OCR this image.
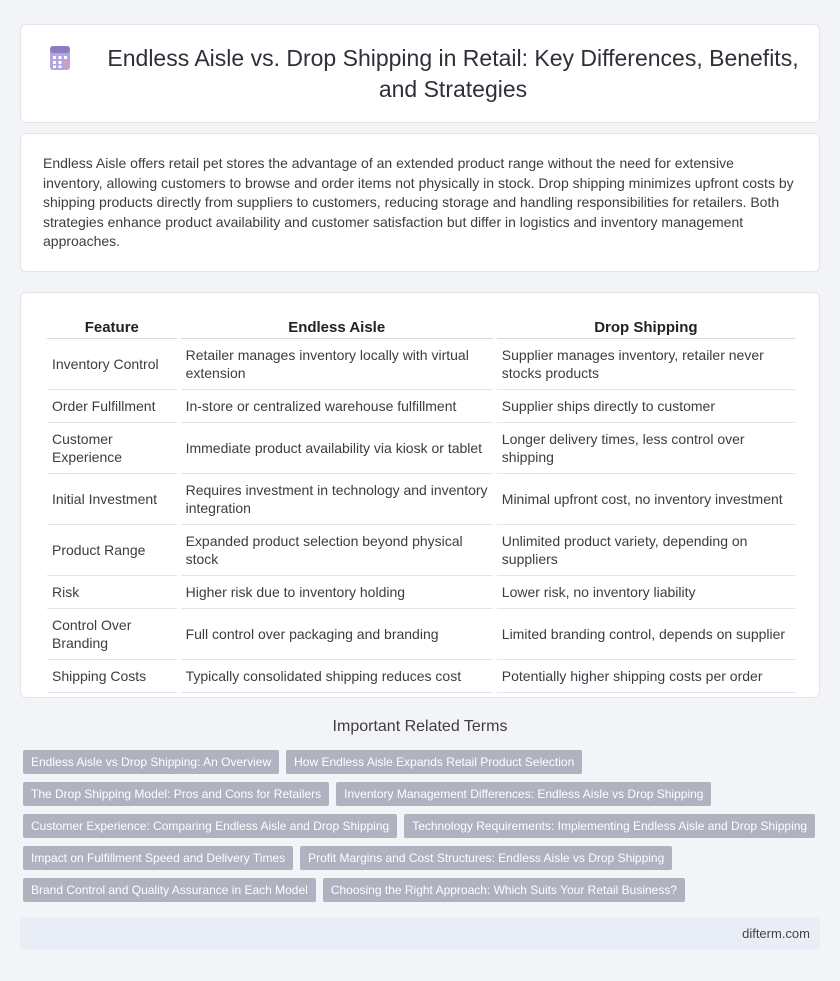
Endless Aisle vs. Drop Shipping in Retail: Key Differences, Benefits, and Strategies

Endless Aisle offers retail pet stores the advantage of an extended product range without the need for extensive inventory, allowing customers to browse and order items not physically in stock. Drop shipping minimizes upfront costs by shipping products directly from suppliers to customers, reducing storage and handling responsibilities for retailers. Both strategies enhance product availability and customer satisfaction but differ in logistics and inventory management approaches.

Feature	Endless Aisle	Drop Shipping
Inventory Control	Retailer manages inventory locally with virtual extension	Supplier manages inventory, retailer never stocks products
Order Fulfillment	In-store or centralized warehouse fulfillment	Supplier ships directly to customer
Customer Experience	Immediate product availability via kiosk or tablet	Longer delivery times, less control over shipping
Initial Investment	Requires investment in technology and inventory integration	Minimal upfront cost, no inventory investment
Product Range	Expanded product selection beyond physical stock	Unlimited product variety, depending on suppliers
Risk	Higher risk due to inventory holding	Lower risk, no inventory liability
Control Over Branding	Full control over packaging and branding	Limited branding control, depends on supplier
Shipping Costs	Typically consolidated shipping reduces cost	Potentially higher shipping costs per order
Important Related Terms
Endless Aisle vs Drop Shipping: An Overview	How Endless Aisle Expands Retail Product Selection
The Drop Shipping Model: Pros and Cons for Retailers	Inventory Management Differences: Endless Aisle vs Drop Shipping
Customer Experience: Comparing Endless Aisle and Drop Shipping	Technology Requirements: Implementing Endless Aisle and Drop Shipping
Impact on Fulfillment Speed and Delivery Times	Profit Margins and Cost Structures: Endless Aisle vs Drop Shipping
Brand Control and Quality Assurance in Each Model	Choosing the Right Approach: Which Suits Your Retail Business?
difterm.com
